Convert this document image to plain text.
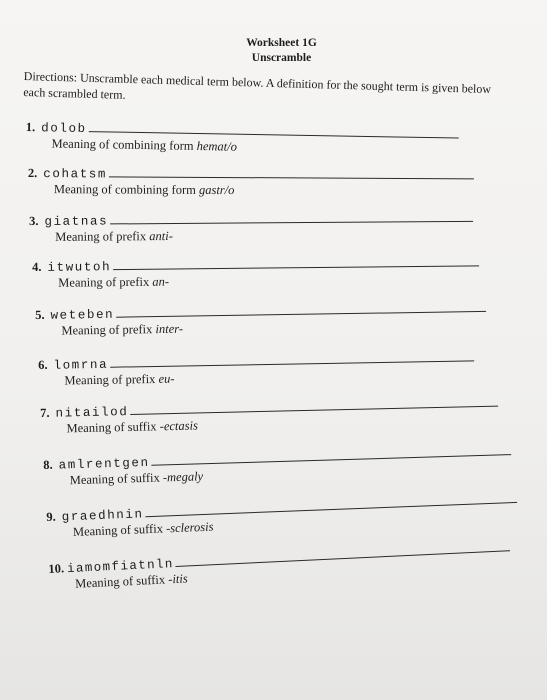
Worksheet 1G
Unscramble
Directions: Unscramble each medical term below. A definition for the sought term is given below each scrambled term.
1. dolob
Meaning of combining form hemat/o
2. cohatsm
Meaning of combining form gastr/o
3. giatnas
Meaning of prefix anti-
4. itwutoh
Meaning of prefix an-
5. weteben
Meaning of prefix inter-
6. lomrna
Meaning of prefix eu-
7. nitailod
Meaning of suffix -ectasis
8. amlrentgen
Meaning of suffix -megaly
9. graedhnin
Meaning of suffix -sclerosis
10. iamomfiatnln
Meaning of suffix -itis
